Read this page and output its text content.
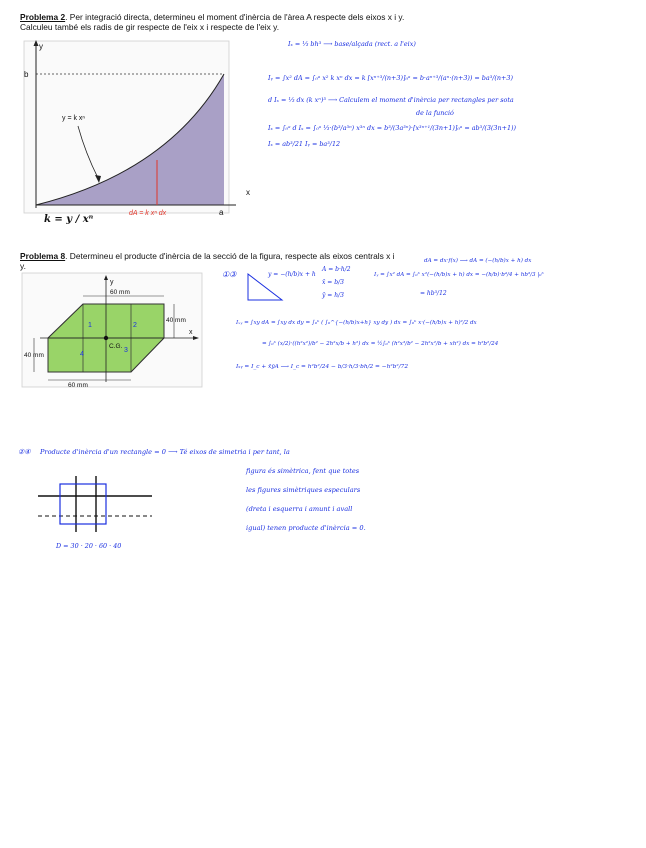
Problema 2. Per integració directa, determineu el moment d'inèrcia de l'àrea A respecte dels eixos x i y. Calculeu també els radis de gir respecte de l'eix x i respecte de l'eix y.
y
b
y = k xⁿ
a
dA = k xⁿ dx
x
k = y / xⁿ
Iₓ = ⅓ bh³ ⟶ base/alçada (rect. a l'eix)
Iᵧ = ∫x² dA = ∫₀ᵃ x² k xⁿ dx = k [xⁿ⁺³/(n+3)]₀ᵃ = b·aⁿ⁺³/(aⁿ·(n+3)) = ba³/(n+3)
d Iₓ = ⅓ dx (k xⁿ)³ ⟶ Calculem el moment d'inèrcia per rectangles per sota
de la funció
Iₓ = ∫₀ᵃ d Iₓ = ∫₀ᵃ ⅓·(b³/a³ⁿ) x³ⁿ dx = b³/(3a³ⁿ)·[x³ⁿ⁺¹/(3n+1)]₀ᵃ = ab³/(3(3n+1))
Iₓ = ab³/21 Iᵧ = ba³/12
Problema 8. Determineu el producte d'inèrcia de la secció de la figura, respecte als eixos centrals x i y.
y
x
C.G.
60 mm
40 mm
40 mm
60 mm
1	2
3
4
①③	y = −(h/b)x + h
A = b·h/2
x̄ = b/3
ȳ = h/3
dA = dx·f(x) ⟶ dA = (−(h/b)x + h) dx
Iᵧ = ∫x² dA = ∫₀ᵇ x²(−(h/b)x + h) dx = −(h/b)·b⁴/4 + hb³/3 |₀ᵇ
= hb³/12
Iₓᵧ = ∫xy dA = ∫xy dx dy = ∫₀ᵇ ( ∫₀^{−(h/b)x+h} xy dy ) dx = ∫₀ᵇ x·(−(h/b)x + h)²/2 dx
= ∫₀ᵇ (x/2)·((h²x²)/b² − 2h²x/b + h²) dx = ½∫₀ᵇ (h²x³/b² − 2h²x²/b + xh²) dx = h²b²/24
Iₓᵧ = I_c + x̄ȳA ⟶ I_c = h²b²/24 − b/3·h/3·bh/2 = −h²b²/72
②④ Producte d'inèrcia d'un rectangle = 0 ⟶ Té eixos de simetria i per tant, la
figura és simètrica, fent que totes
les figures simètriques especulars
(dreta i esquerra i amunt i avall
igual) tenen producte d'inèrcia = 0.
D = 30 · 20 · 60 · 40
